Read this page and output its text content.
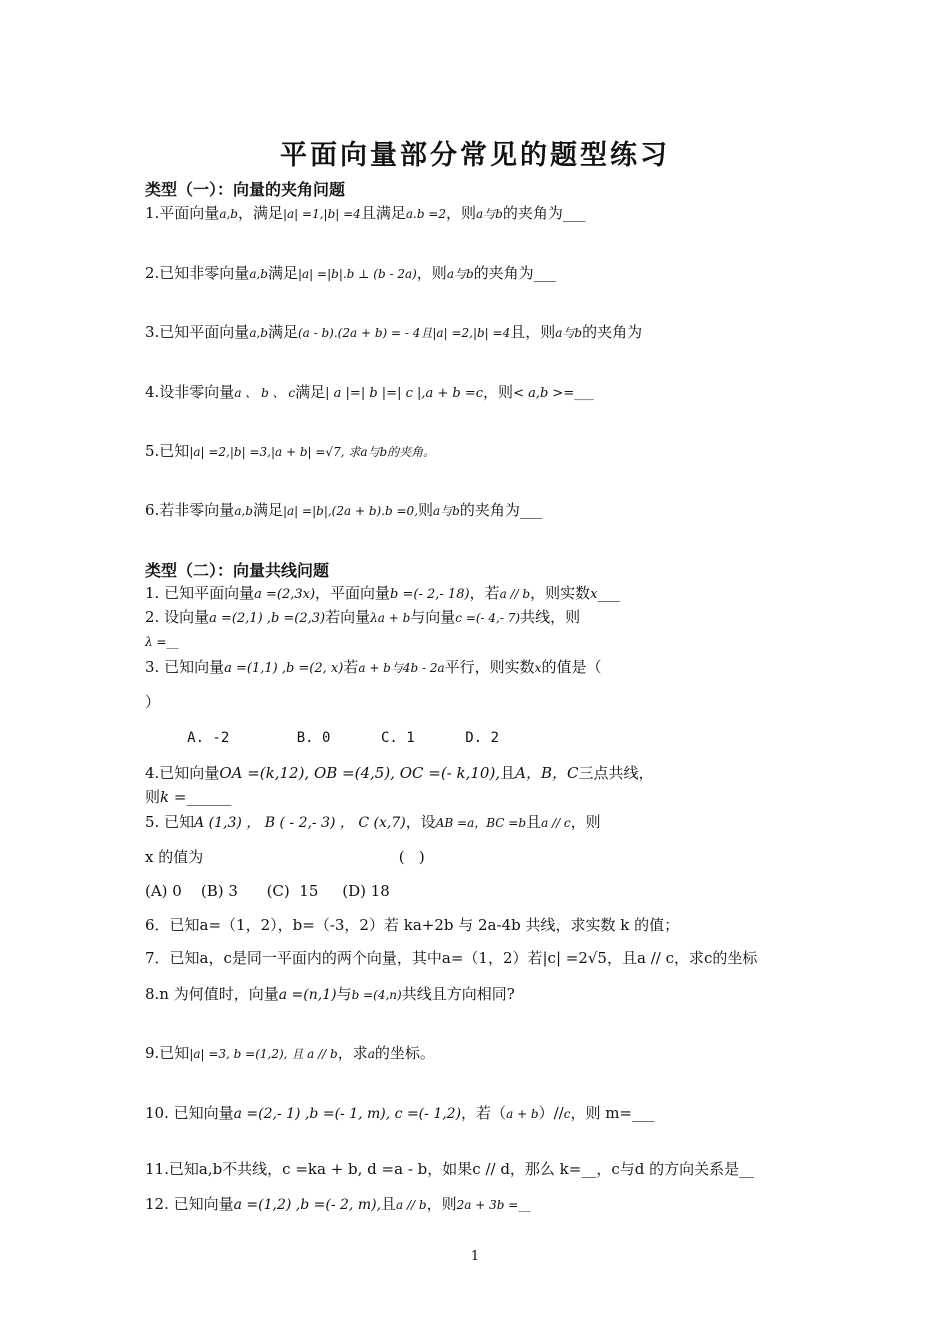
平面向量部分常见的题型练习
类型（一）：向量的夹角问题
1.平面向量a,b，满足|a| =1,|b| =4且满足a.b =2，则a与b的夹角为___
2.已知非零向量a,b满足|a| =|b|.b ⊥ (b - 2a)，则a与b的夹角为___
3.已知平面向量a,b满足(a - b).(2a + b) = - 4且|a| =2,|b| =4且，则a与b的夹角为
4.设非零向量a 、 b 、 c满足| a |=| b |=| c |,a + b =c，则< a,b >=___
5.已知|a| =2,|b| =3,|a + b| =√7, 求a与b的夹角。
6.若非零向量a,b满足|a| =|b|,(2a + b).b =0,则a与b的夹角为___
类型（二）：向量共线问题
1. 已知平面向量a =(2,3x)，平面向量b =(- 2,- 18)，若a // b，则实数x___
2. 设向量a =(2,1) ,b =(2,3)若向量λa + b与向量c =(- 4,- 7)共线，则
λ =__
3. 已知向量a =(1,1) ,b =(2, x)若a + b与4b - 2a平行，则实数x的值是（
）
A. -2        B. 0      C. 1      D. 2
4.已知向量OA =(k,12), OB =(4,5), OC =(- k,10),且A，B，C三点共线，
则k =______
5. 已知A (1,3) ， B ( - 2,- 3) ， C (x,7)，设AB =a，BC =b且a // c，则
x 的值为                                         (   )
(A) 0    (B) 3      (C)  15     (D) 18
6．已知a=（1，2），b=（-3，2）若 ka+2b 与 2a-4b 共线，求实数 k 的值；
7．已知a，c是同一平面内的两个向量，其中a=（1，2）若|c| =2√5，且a // c，求c的坐标
8.n 为何值时，向量a =(n,1)与b =(4,n)共线且方向相同?
9.已知|a| =3, b =(1,2), 且 a // b，求a的坐标。
10. 已知向量a =(2,- 1) ,b =(- 1, m), c =(- 1,2)，若（a + b）//c，则 m=___
11.已知a,b不共线，c =ka + b, d =a - b，如果c // d，那么 k=__，c与d 的方向关系是__
12. 已知向量a =(1,2) ,b =(- 2, m),且a // b，则2a + 3b =__
1
